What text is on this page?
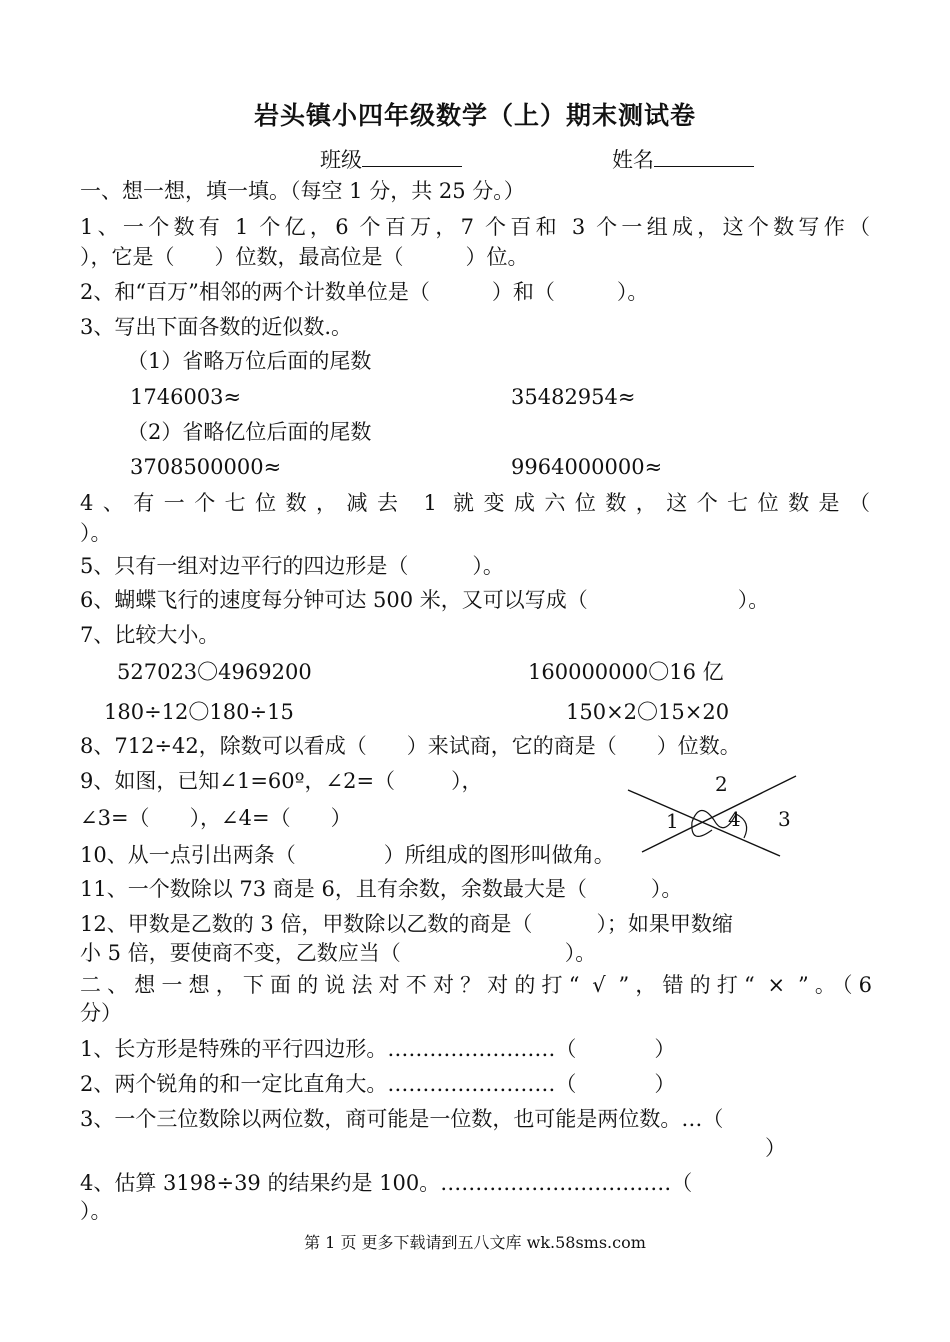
岩头镇小四年级数学（上）期末测试卷
班级	姓名
一、想一想，填一填。（每空 1 分，共 25 分。）
1、一个数有 1 个亿，6 个百万，7 个百和 3 个一组成，这个数写作（
），它是（ ）位数，最高位是（	）位。
2、和“百万”相邻的两个计数单位是（	）和（	）。
3、写出下面各数的近似数.。
（1）省略万位后面的尾数
1746003≈	35482954≈
（2）省略亿位后面的尾数
3708500000≈	9964000000≈
4、有一个七位数，减去 1 就变成六位数，这个七位数是（
）。
5、只有一组对边平行的四边形是（	）。
6、蝴蝶飞行的速度每分钟可达 500 米，又可以写成（	）。
7、比较大小。
527023〇4969200	160000000〇16 亿
180÷12〇180÷15	150×2〇15×20
8、712÷42，除数可以看成（ ）来试商，它的商是（ ）位数。
9、如图，已知∠1=60º，∠2=（	），
∠3=（ ），∠4=（ ）	1
2
3
4
10、从一点引出两条（	）所组成的图形叫做角。
11、一个数除以 73 商是 6，且有余数，余数最大是（	）。
12、甲数是乙数的 3 倍，甲数除以乙数的商是（	）；如果甲数缩
小 5 倍，要使商不变，乙数应当（	）。
二、想一想，下面的说法对不对？对的打“ √ ”，错的打“ × ”。（6
分）
1、长方形是特殊的平行四边形。……………………（	）
2、两个锐角的和一定比直角大。……………………（	）
3、一个三位数除以两位数，商可能是一位数，也可能是两位数。…（
）
4、估算 3198÷39 的结果约是 100。……………………………（
）。
第 1 页 更多下载请到五八文库 wk.58sms.com
